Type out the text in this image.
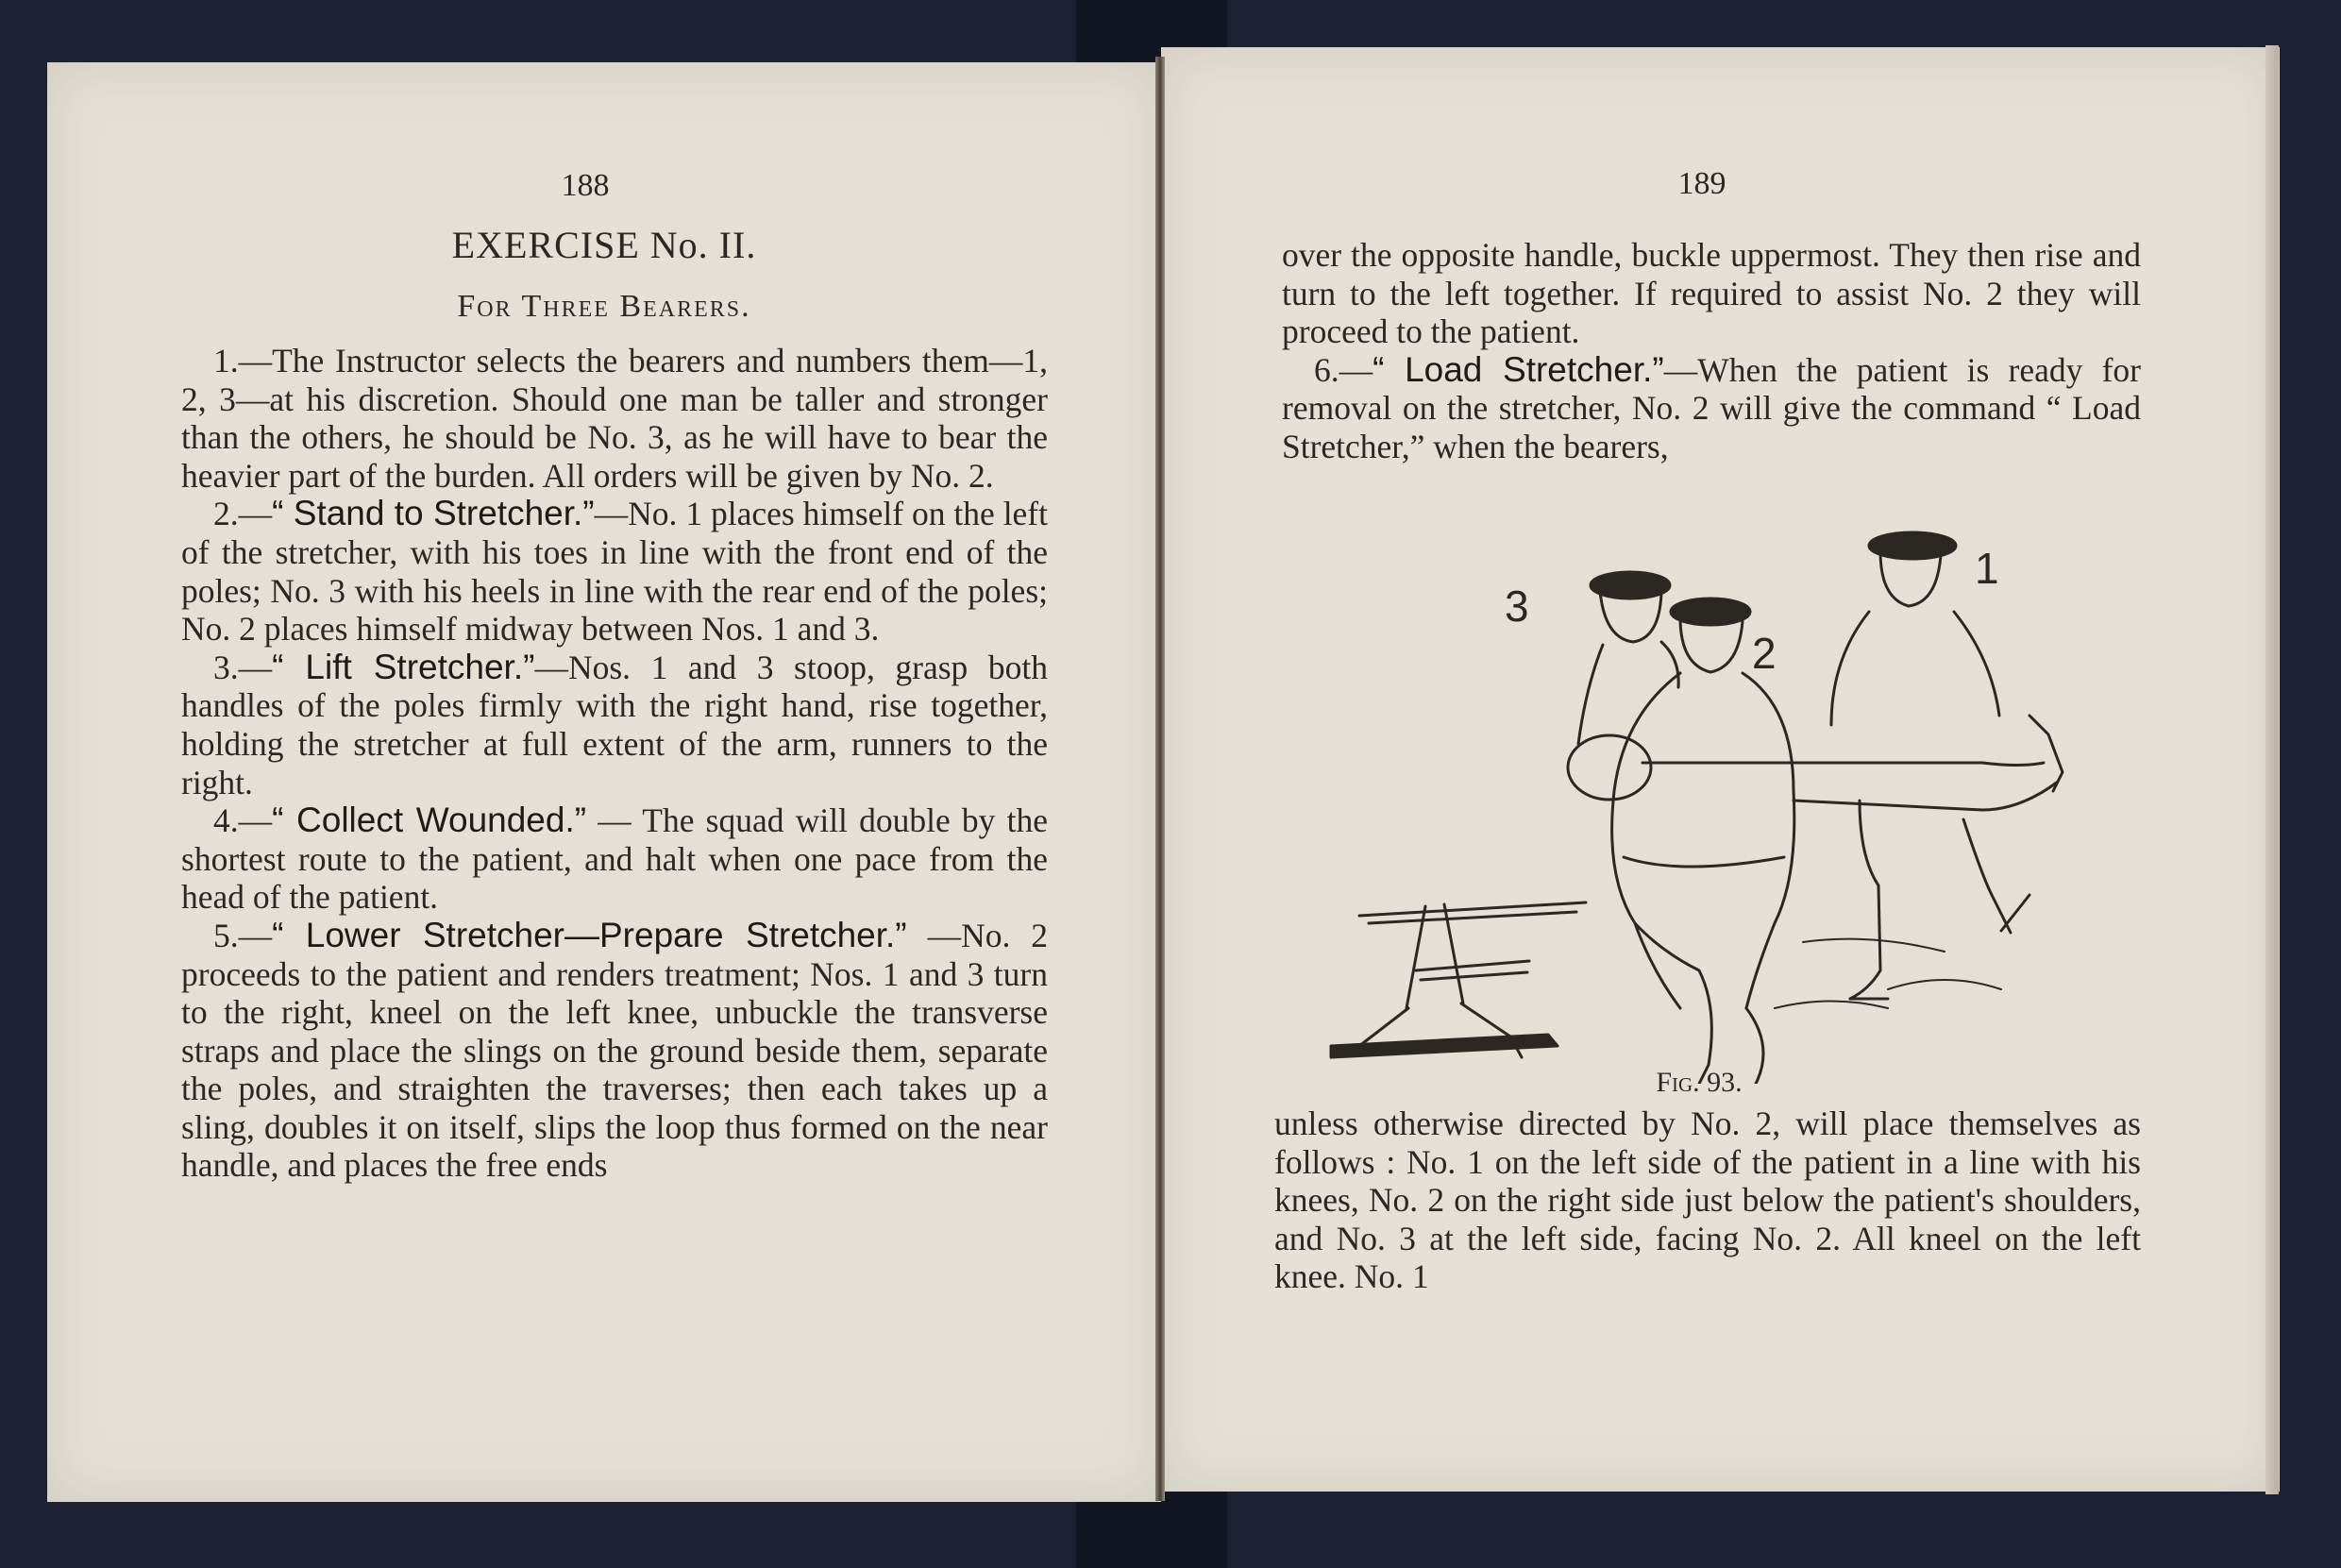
188
EXERCISE No. II.
For Three Bearers.

1.—The Instructor selects the bearers and numbers them—1, 2, 3—at his discretion. Should one man be taller and stronger than the others, he should be No. 3, as he will have to bear the heavier part of the burden. All orders will be given by No. 2.

2.—“ Stand to Stretcher.”—No. 1 places himself on the left of the stretcher, with his toes in line with the front end of the poles; No. 3 with his heels in line with the rear end of the poles; No. 2 places himself midway between Nos. 1 and 3.

3.—“ Lift Stretcher.”—Nos. 1 and 3 stoop, grasp both handles of the poles firmly with the right hand, rise together, holding the stretcher at full extent of the arm, runners to the right.

4.—“ Collect Wounded.” — The squad will double by the shortest route to the patient, and halt when one pace from the head of the patient.

5.—“ Lower Stretcher—Prepare Stretcher.” —No. 2 proceeds to the patient and renders treatment; Nos. 1 and 3 turn to the right, kneel on the left knee, unbuckle the transverse straps and place the slings on the ground beside them, separate the poles, and straighten the traverses; then each takes up a sling, doubles it on itself, slips the loop thus formed on the near handle, and places the free ends

189

over the opposite handle, buckle uppermost. They then rise and turn to the left together. If required to assist No. 2 they will proceed to the patient.

6.—“ Load Stretcher.”—When the patient is ready for removal on the stretcher, No. 2 will give the command “ Load Stretcher,” when the bearers,

3
2
1
Fig. 93.

unless otherwise directed by No. 2, will place themselves as follows : No. 1 on the left side of the patient in a line with his knees, No. 2 on the right side just below the patient's shoulders, and No. 3 at the left side, facing No. 2. All kneel on the left knee. No. 1
